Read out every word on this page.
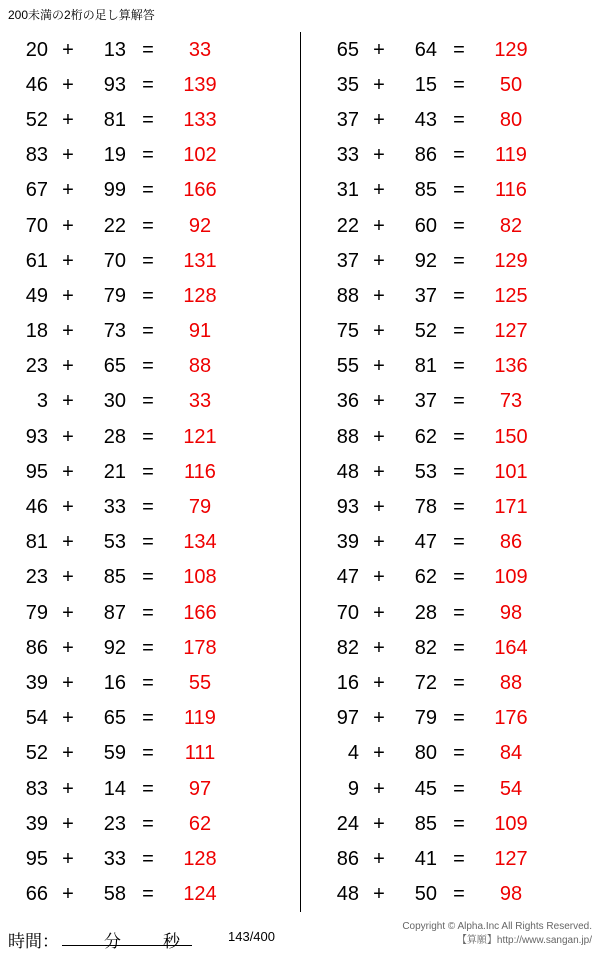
200未満の2桁の足し算解答
20 +	13 =	33
46 +	93 =	139
52 +	81 =	133
83 +	19 =	102
67 +	99 =	166
70 +	22 =	92
61 +	70 =	131
49 +	79 =	128
18 +	73 =	91
23 +	65 =	88
3 +	30 =	33
93 +	28 =	121
95 +	21 =	116
46 +	33 =	79
81 +	53 =	134
23 +	85 =	108
79 +	87 =	166
86 +	92 =	178
39 +	16 =	55
54 +	65 =	119
52 +	59 =	111
83 +	14 =	97
39 +	23 =	62
95 +	33 =	128
66 +	58 =	124
65 +	64 =	129
35 +	15 =	50
37 +	43 =	80
33 +	86 =	119
31 +	85 =	116
22 +	60 =	82
37 +	92 =	129
88 +	37 =	125
75 +	52 =	127
55 +	81 =	136
36 +	37 =	73
88 +	62 =	150
48 +	53 =	101
93 +	78 =	171
39 +	47 =	86
47 +	62 =	109
70 +	28 =	98
82 +	82 =	164
16 +	72 =	88
97 +	79 =	176
4 +	80 =	84
9 +	45 =	54
24 +	85 =	109
86 +	41 =	127
48 +	50 =	98
時間：	分 秒	143/400
Copyright © Alpha.Inc All Rights Reserved.
【算願】http://www.sangan.jp/
